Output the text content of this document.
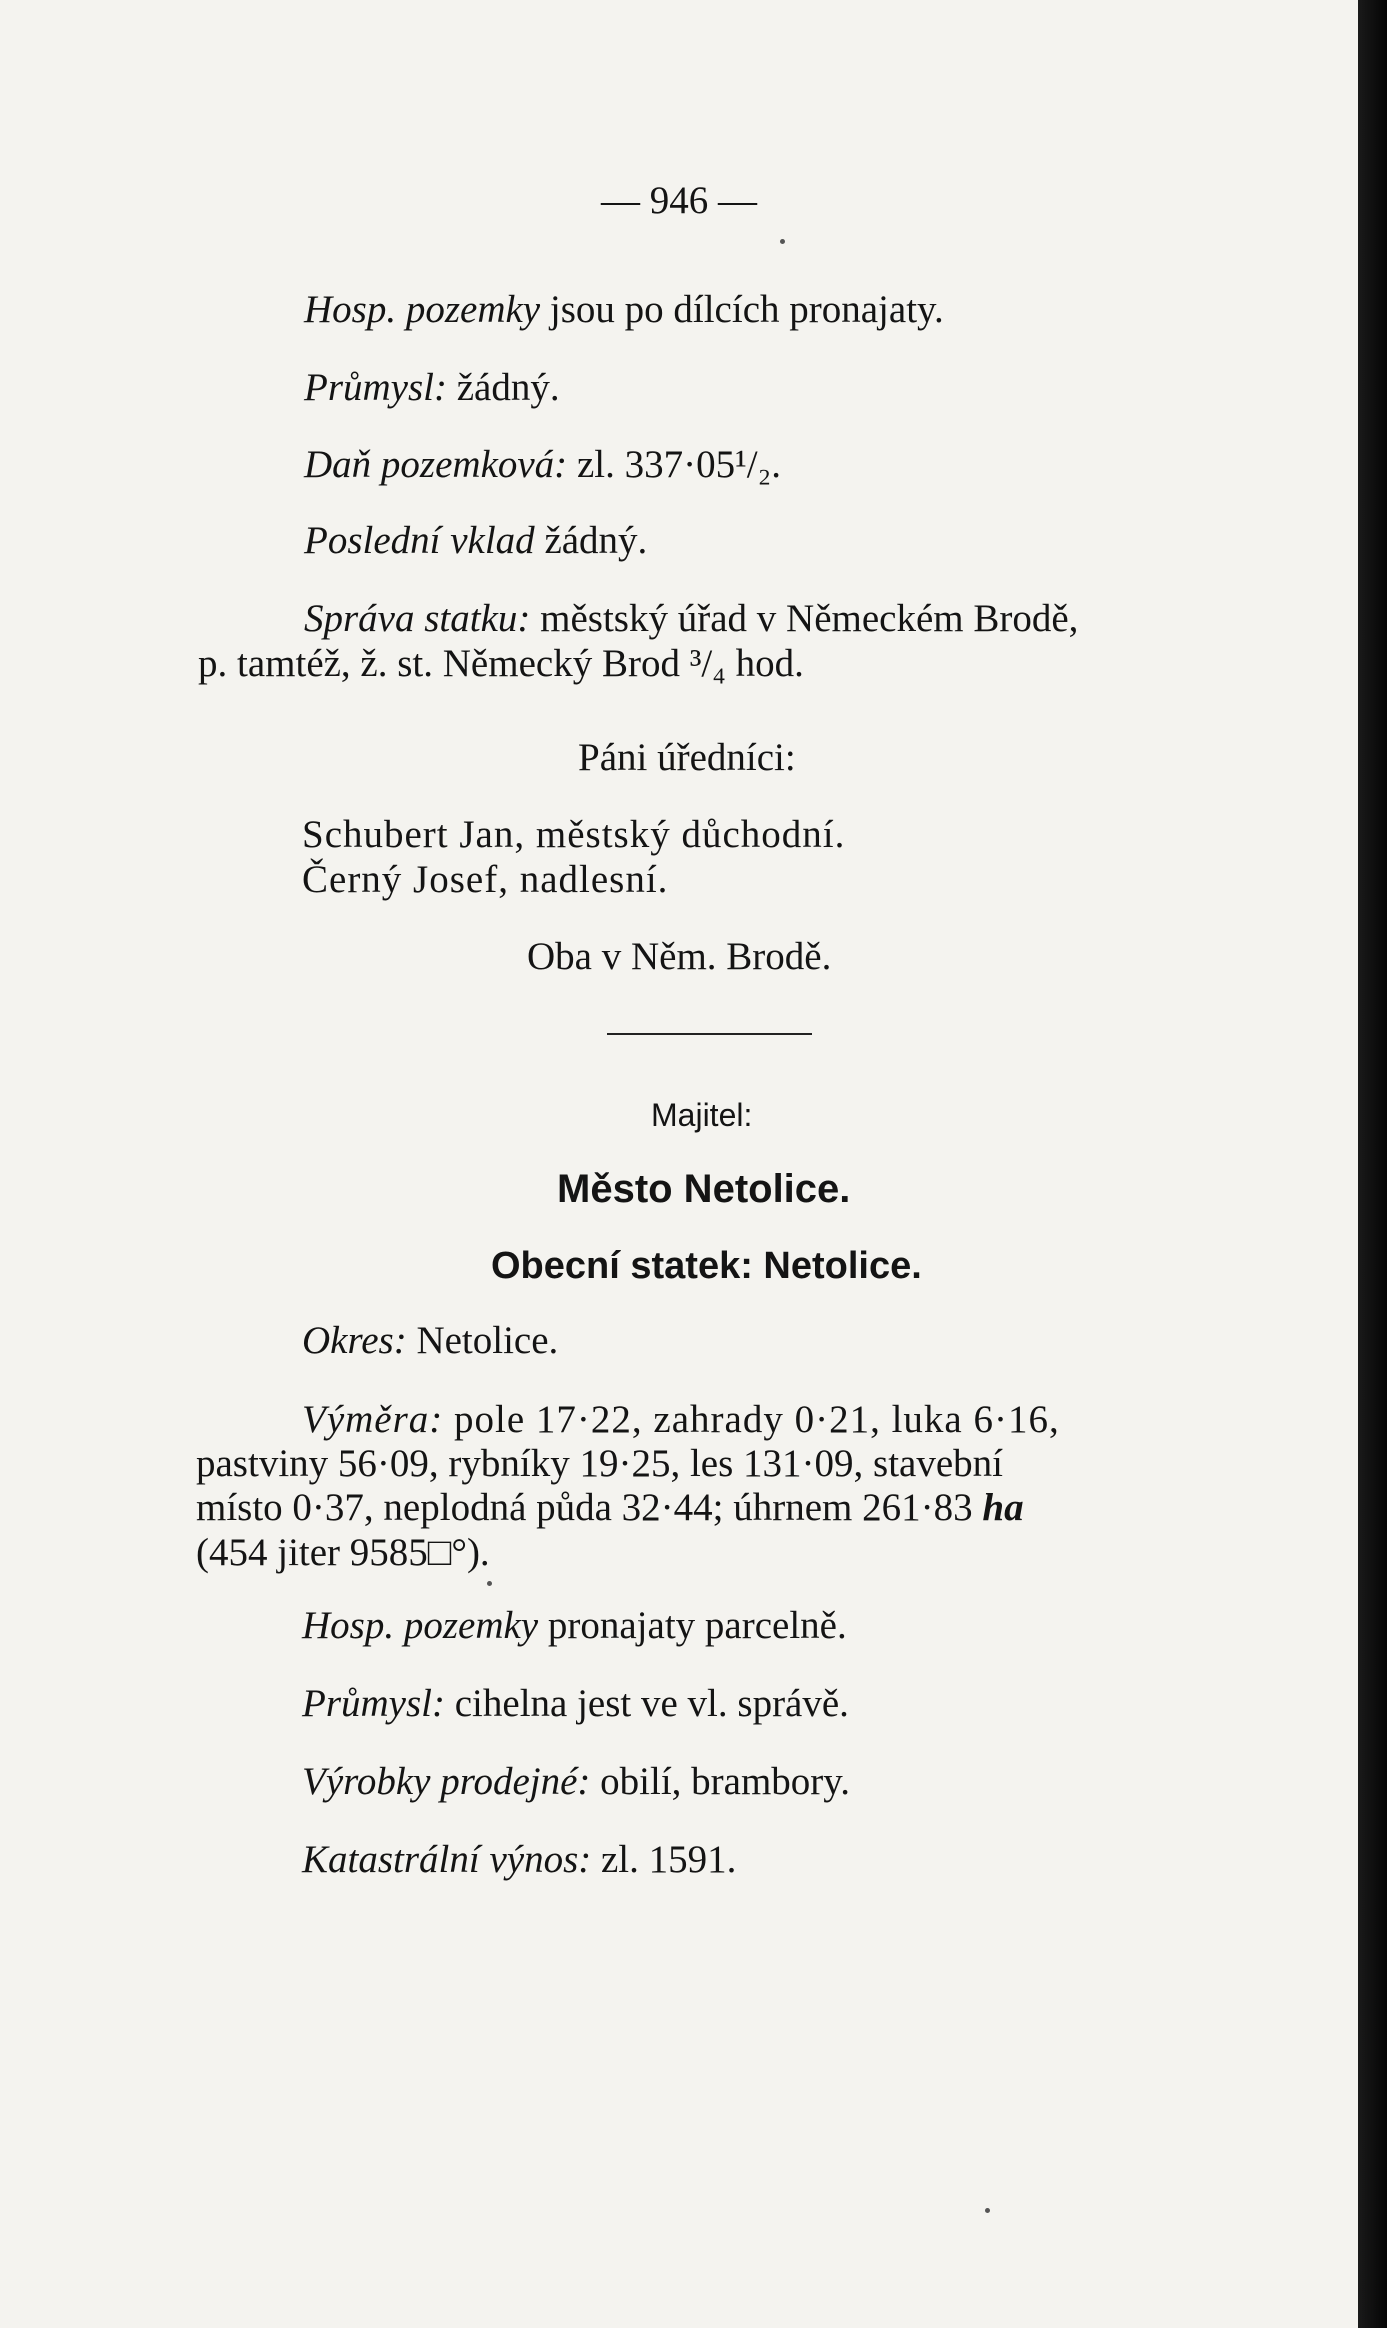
— 946 —
Hosp. pozemky jsou po dílcích pronajaty.
Průmysl: žádný.
Daň pozemková: zl. 337·05¹/₂.
Poslední vklad žádný.
Správa statku: městský úřad v Německém Brodě,
p. tamtéž, ž. st. Německý Brod ³/₄ hod.
Páni úředníci:
Schubert Jan, městský důchodní.
Černý Josef, nadlesní.
Oba v Něm. Brodě.
Majitel:
Město Netolice.
Obecní statek: Netolice.
Okres: Netolice.
Výměra: pole 17·22, zahrady 0·21, luka 6·16,
pastviny 56·09, rybníky 19·25, les 131·09, stavební
místo 0·37, neplodná půda 32·44; úhrnem 261·83 ha
(454 jiter 9585□°).
Hosp. pozemky pronajaty parcelně.
Průmysl: cihelna jest ve vl. správě.
Výrobky prodejné: obilí, brambory.
Katastrální výnos: zl. 1591.
